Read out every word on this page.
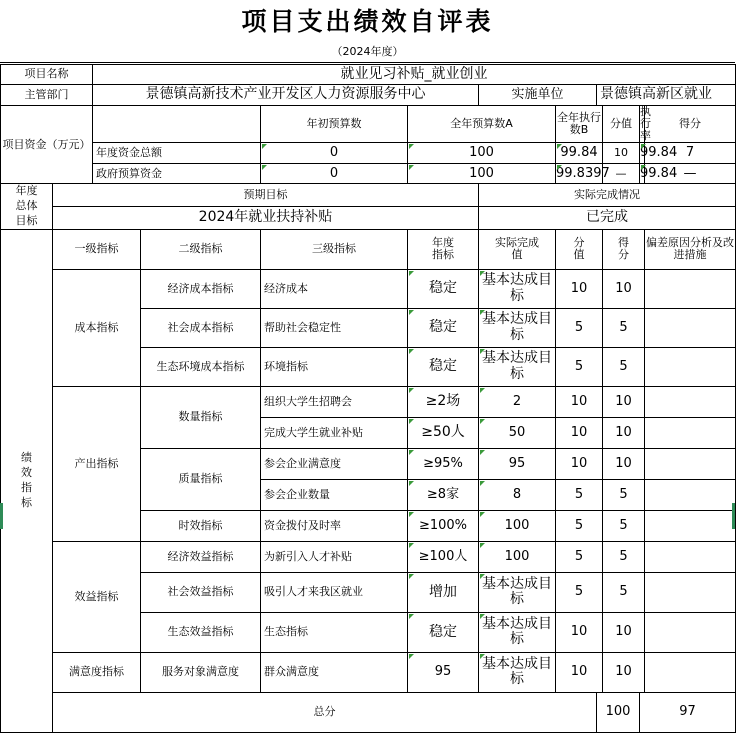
项目支出绩效自评表
（2024年度）
项目名称		就业见习补贴_就业创业										
主管部门		景德镇高新技术产业开发区人力资源服务中心				实施单位		景德镇高新区就业				
项目资金（万元）				年初预算数	全年预算数A		全年执行数B		分值	执行率	得分	
		年度资金总额		0	100		99.84		10	99.84	7	
		政府预算资金		0	100		99.8397		—	99.84	—	
年度总体目标	预期目标					实际完成情况						
	2024年就业扶持补贴					已完成						
绩效指标	一级指标		二级指标	三级指标	年度指标	实际完成值	分值		得分		偏差原因分析及改进措施	
	成本指标		经济成本指标	经济成本	稳定	基本达成目标	10		10			
			社会成本指标	帮助社会稳定性	稳定	基本达成目标	5		5			
			生态环境成本指标	环境指标	稳定	基本达成目标	5		5			
	产出指标		数量指标	组织大学生招聘会	≥2场	2	10		10			
				完成大学生就业补贴	≥50人	50	10		10			
			质量指标	参会企业满意度	≥95%	95	10		10			
				参会企业数量	≥8家	8	5		5			
			时效指标	资金拨付及时率	≥100%	100	5		5			
	效益指标		经济效益指标	为新引入人才补贴	≥100人	100	5		5			
			社会效益指标	吸引人才来我区就业	增加	基本达成目标	5		5			
			生态效益指标	生态指标	稳定	基本达成目标	10		10			
	满意度指标		服务对象满意度	群众满意度	95	基本达成目标	10		10			
	总分							100		97		
